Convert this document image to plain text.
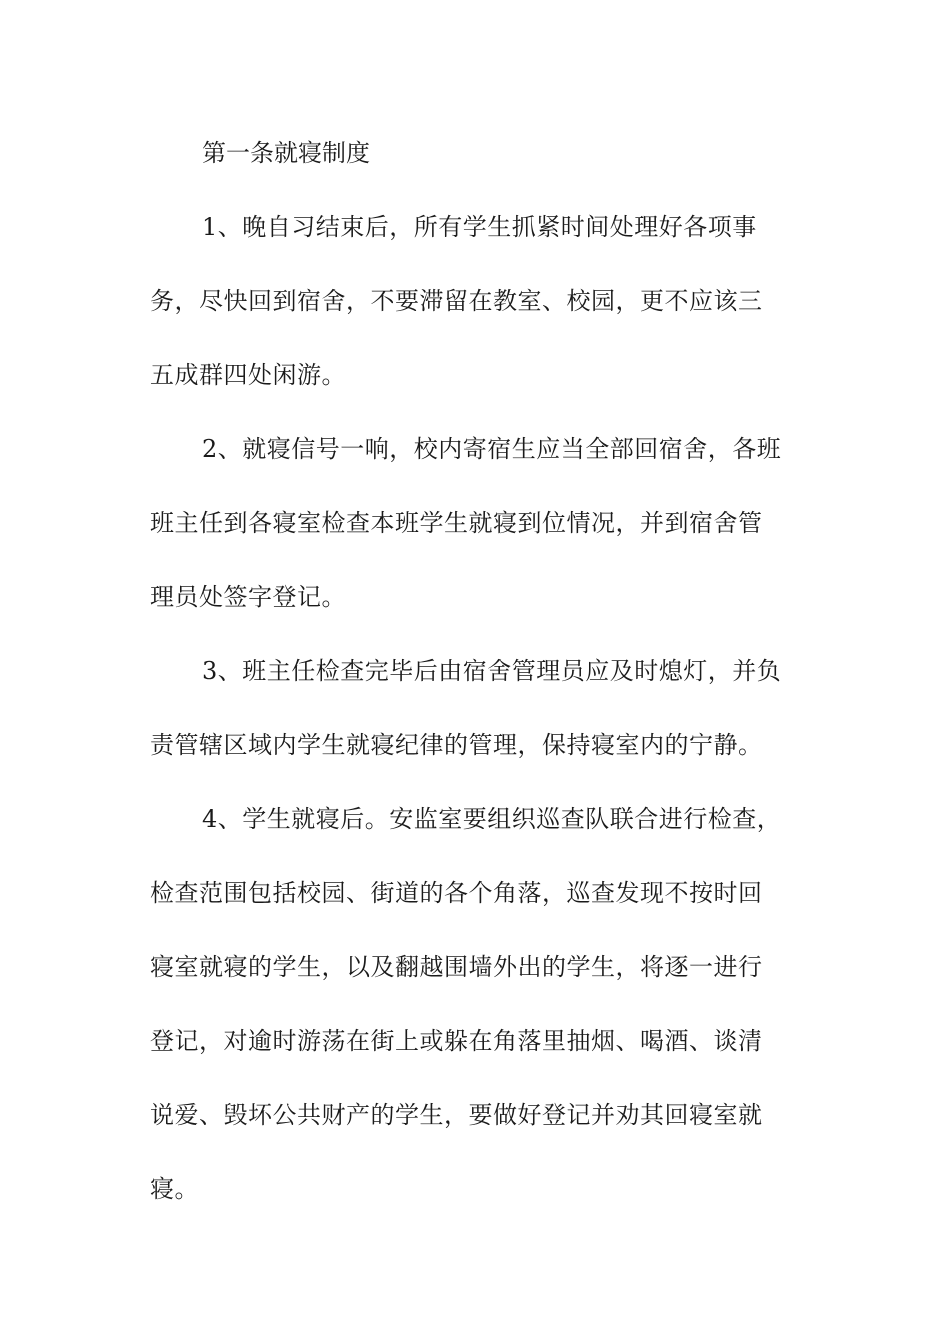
第一条就寝制度
1、晚自习结束后，所有学生抓紧时间处理好各项事
务，尽快回到宿舍，不要滞留在教室、校园，更不应该三
五成群四处闲游。
2、就寝信号一响，校内寄宿生应当全部回宿舍，各班
班主任到各寝室检查本班学生就寝到位情况，并到宿舍管
理员处签字登记。
3、班主任检查完毕后由宿舍管理员应及时熄灯，并负
责管辖区域内学生就寝纪律的管理，保持寝室内的宁静。
4、学生就寝后。安监室要组织巡查队联合进行检查，
检查范围包括校园、街道的各个角落，巡查发现不按时回
寝室就寝的学生，以及翻越围墙外出的学生，将逐一进行
登记，对逾时游荡在街上或躲在角落里抽烟、喝酒、谈清
说爱、毁坏公共财产的学生，要做好登记并劝其回寝室就
寝。
